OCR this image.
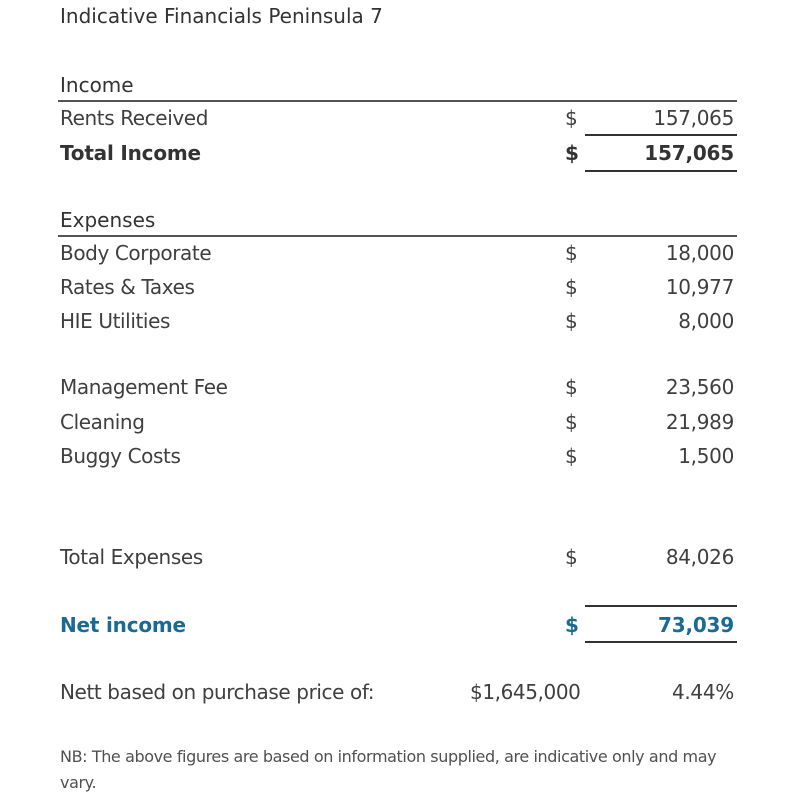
Indicative Financials Peninsula 7
Income
Rents Received	$	157,065
Total Income	$	157,065
Expenses
Body Corporate	$	18,000
Rates & Taxes	$	10,977
HIE Utilities	$	8,000
Management Fee	$	23,560
Cleaning	$	21,989
Buggy Costs	$	1,500
Total Expenses	$	84,026
Net income	$	73,039
Nett based on purchase price of:	$1,645,000	4.44%
NB: The above figures are based on information supplied, are indicative only and may vary.
